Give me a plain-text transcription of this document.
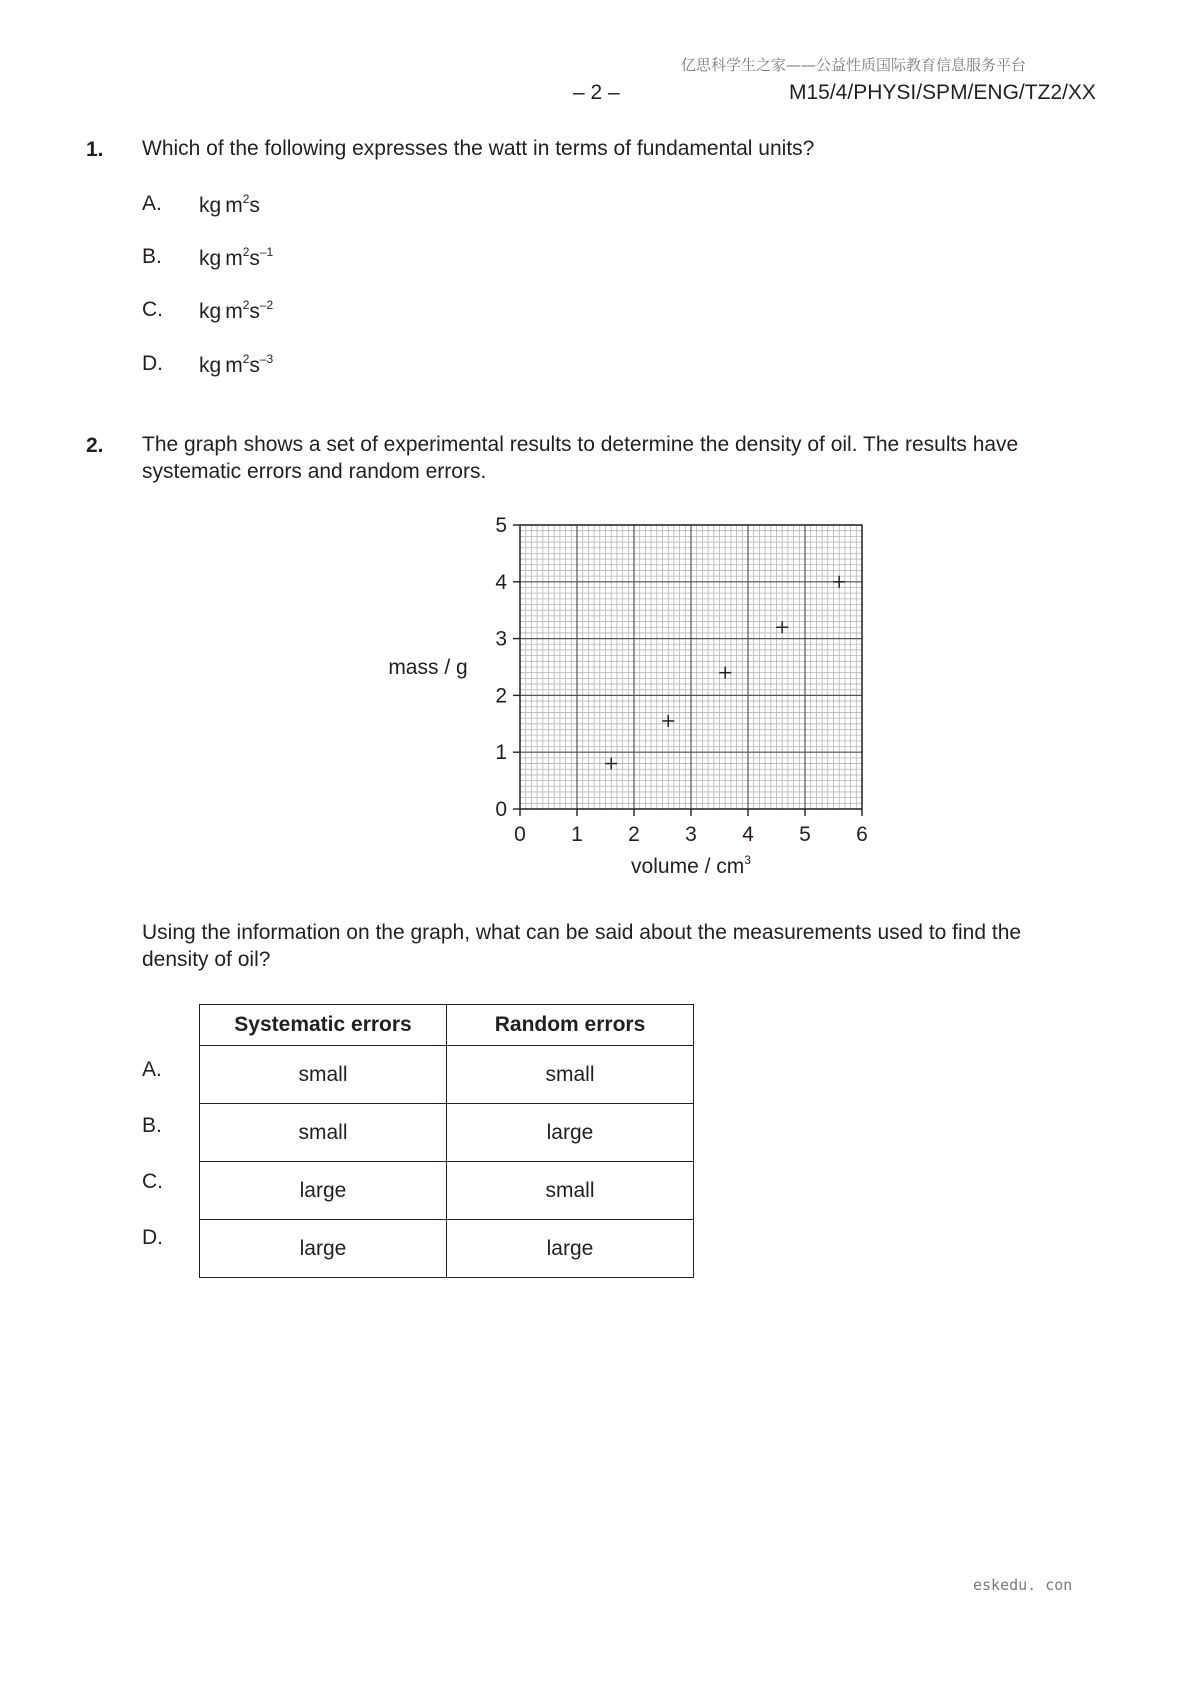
亿思科学生之家——公益性质国际教育信息服务平台
– 2 –	M15/4/PHYSI/SPM/ENG/TZ2/XX
1. Which of the following expresses the watt in terms of fundamental units?
A. kg $m^2s$
B. kg $m^2s^{-1}$
C. kg $m^2s^{-2}$
D. kg $m^2s^{-3}$
2. The graph shows a set of experimental results to determine the density of oil. The results have
systematic errors and random errors.
0 1 2 3 4 5 6
0
1
2
3
4
5
mass / g
volume / $cm^3$
Using the information on the graph, what can be said about the measurements used to find the
density of oil?
Systematic errors	Random errors
small	small
small	large
large	small
large	large
A.
B.
C.
D.
eskedu. con
